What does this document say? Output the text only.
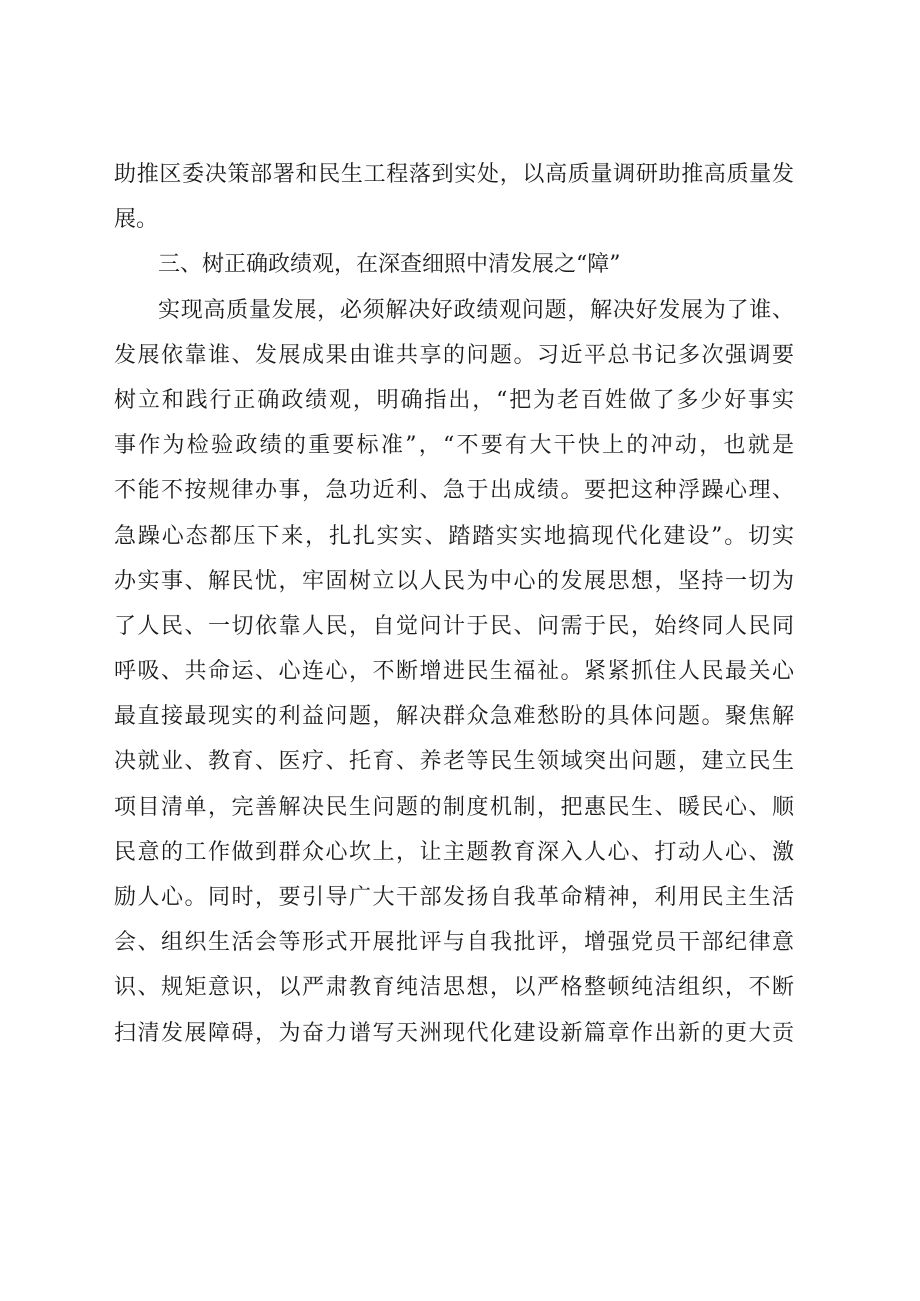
助推区委决策部署和民生工程落到实处，以高质量调研助推高质量发
展。
三、树正确政绩观，在深查细照中清发展之“障”
实现高质量发展，必须解决好政绩观问题，解决好发展为了谁、
发展依靠谁、发展成果由谁共享的问题。习近平总书记多次强调要
树立和践行正确政绩观，明确指出，“把为老百姓做了多少好事实
事作为检验政绩的重要标准”，“不要有大干快上的冲动，也就是
不能不按规律办事，急功近利、急于出成绩。要把这种浮躁心理、
急躁心态都压下来，扎扎实实、踏踏实实地搞现代化建设”。切实
办实事、解民忧，牢固树立以人民为中心的发展思想，坚持一切为
了人民、一切依靠人民，自觉问计于民、问需于民，始终同人民同
呼吸、共命运、心连心，不断增进民生福祉。紧紧抓住人民最关心
最直接最现实的利益问题，解决群众急难愁盼的具体问题。聚焦解
决就业、教育、医疗、托育、养老等民生领域突出问题，建立民生
项目清单，完善解决民生问题的制度机制，把惠民生、暖民心、顺
民意的工作做到群众心坎上，让主题教育深入人心、打动人心、激
励人心。同时，要引导广大干部发扬自我革命精神，利用民主生活
会、组织生活会等形式开展批评与自我批评，增强党员干部纪律意
识、规矩意识，以严肃教育纯洁思想，以严格整顿纯洁组织，不断
扫清发展障碍，为奋力谱写天洲现代化建设新篇章作出新的更大贡
